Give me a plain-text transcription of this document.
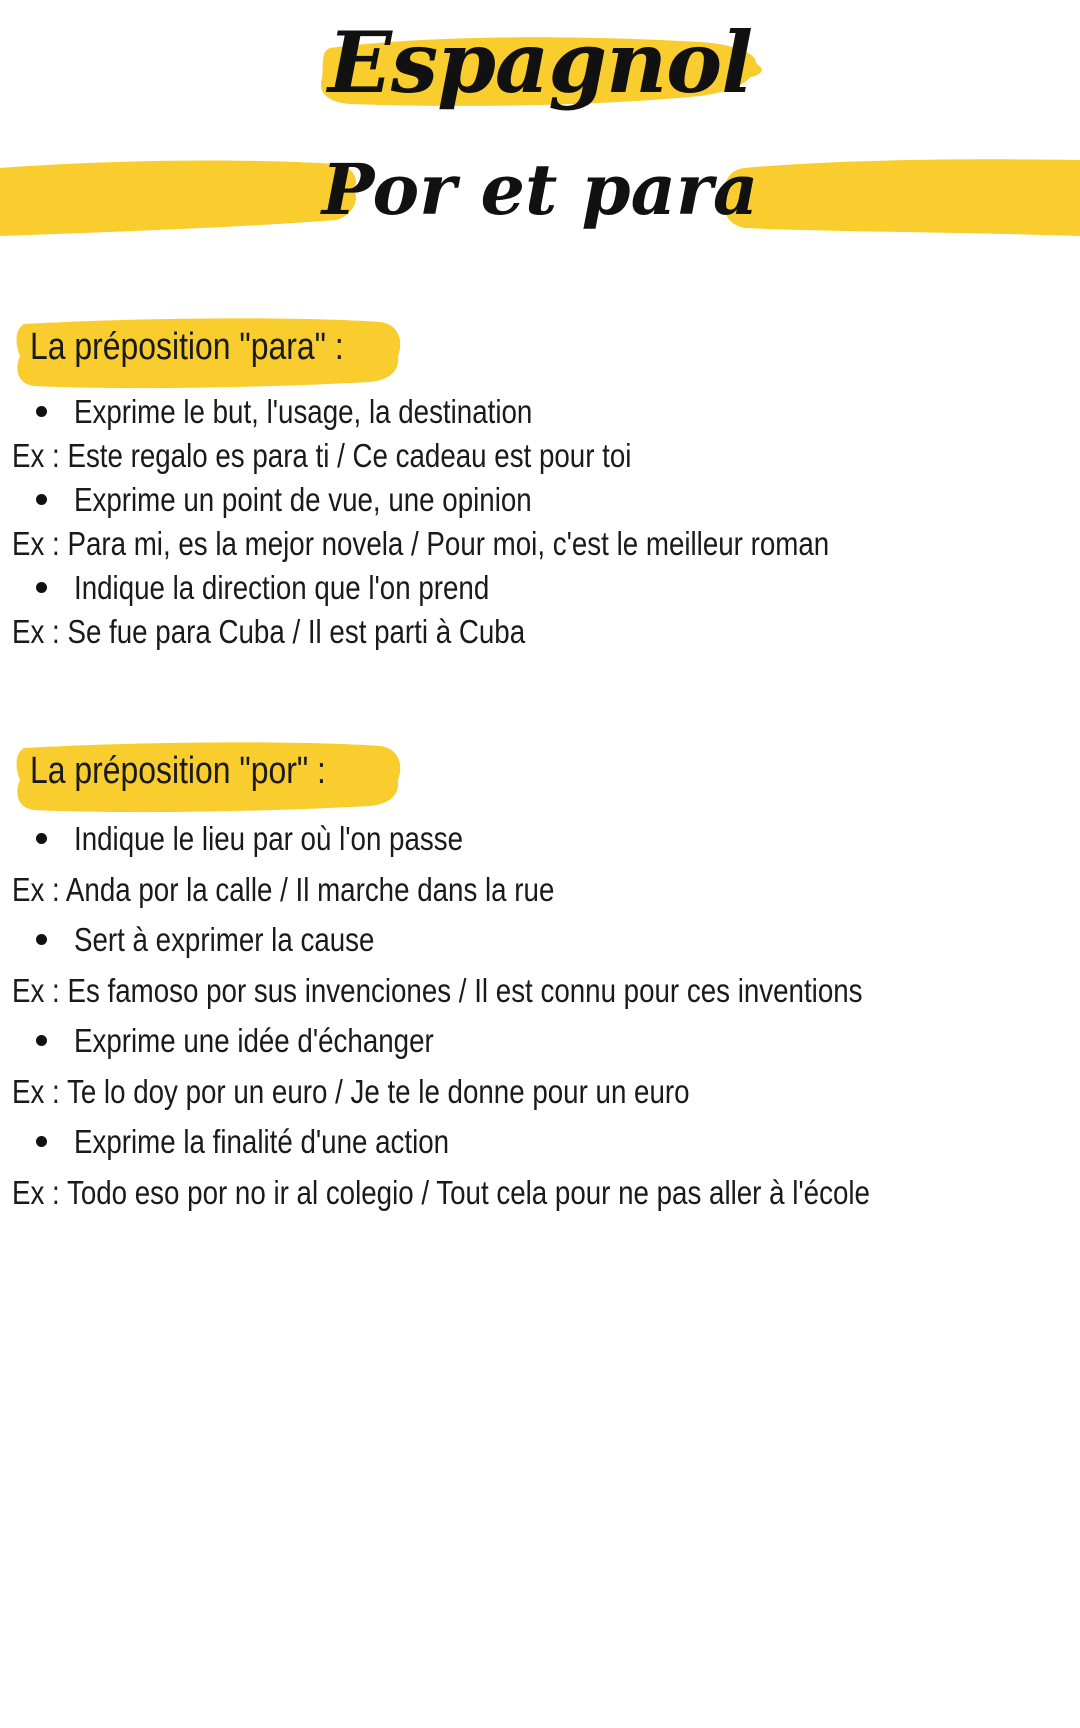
Espagnol
Por et para
La préposition "para" :
Exprime le but, l'usage, la destination
Ex : Este regalo es para ti / Ce cadeau est pour toi
Exprime un point de vue, une opinion
Ex : Para mi, es la mejor novela / Pour moi, c'est le meilleur roman
Indique la direction que l'on prend
Ex : Se fue para Cuba / Il est parti à Cuba
La préposition "por" :
Indique le lieu par où l'on passe
Ex : Anda por la calle / Il marche dans la rue
Sert à exprimer la cause
Ex : Es famoso por sus invenciones / Il est connu pour ces inventions
Exprime une idée d'échanger
Ex : Te lo doy por un euro / Je te le donne pour un euro
Exprime la finalité d'une action
Ex : Todo eso por no ir al colegio / Tout cela pour ne pas aller à l'école
